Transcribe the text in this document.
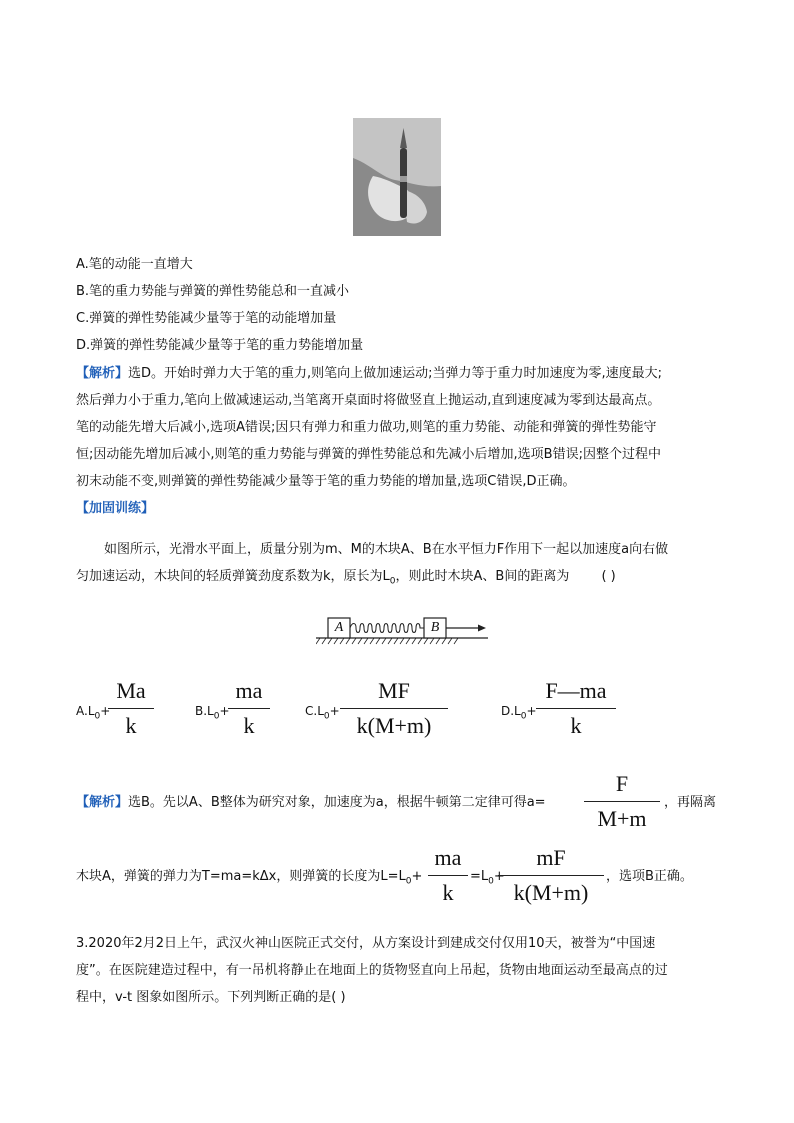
A.笔的动能一直增大
B.笔的重力势能与弹簧的弹性势能总和一直减小
C.弹簧的弹性势能减少量等于笔的动能增加量
D.弹簧的弹性势能减少量等于笔的重力势能增加量
【解析】选D。开始时弹力大于笔的重力,则笔向上做加速运动;当弹力等于重力时加速度为零,速度最大;
然后弹力小于重力,笔向上做减速运动,当笔离开桌面时将做竖直上抛运动,直到速度减为零到达最高点。
笔的动能先增大后减小,选项A错误;因只有弹力和重力做功,则笔的重力势能、动能和弹簧的弹性势能守
恒;因动能先增加后减小,则笔的重力势能与弹簧的弹性势能总和先减小后增加,选项B错误;因整个过程中
初末动能不变,则弹簧的弹性势能减少量等于笔的重力势能的增加量,选项C错误,D正确。
【加固训练】
如图所示，光滑水平面上，质量分别为m、M的木块A、B在水平恒力F作用下一起以加速度a向右做
匀加速运动，木块间的轻质弹簧劲度系数为k，原长为$L_0$，则此时木块A、B间的距离为 ( )
A	B
$A.L_0+$
Ma
k
$B.L_0+$
ma
k
$C.L_0+$
MF
k(M+m)
$D.L_0+$
F—ma
k
【解析】选B。先以A、B整体为研究对象，加速度为a，根据牛顿第二定律可得a=
F
M+m
，再隔离
木块A，弹簧的弹力为T=ma=kΔx，则弹簧的长度为$L=L_0+$
ma
k
$=L_0+$
mF
k(M+m)
，选项B正确。
3.2020年2月2日上午，武汉火神山医院正式交付，从方案设计到建成交付仅用10天，被誉为“中国速
度”。在医院建造过程中，有一吊机将静止在地面上的货物竖直向上吊起，货物由地面运动至最高点的过
程中，v-t 图象如图所示。下列判断正确的是( )
